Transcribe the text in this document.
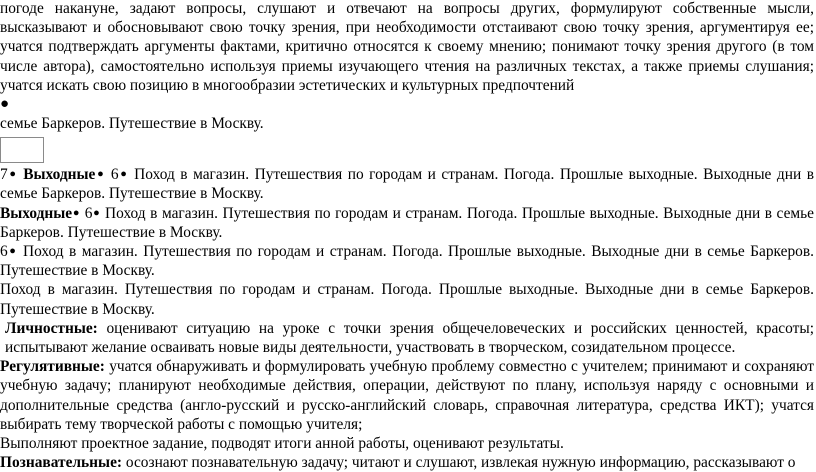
погоде накануне, задают вопросы, слушают и отвечают на вопросы других, формулируют собственные мысли, высказывают и обосновывают свою точку зрения, при необходимости отстаивают свою точку зрения, аргументируя ее; учатся подтверждать аргументы фактами, критично относятся к своему мнению; понимают точку зрения другого (в том числе автора), самостоятельно используя приемы изучающего чтения на различных текстах, а также приемы слушания; учатся искать свою позицию в многообразии эстетических и культурных предпочтений

●

семье Баркеров. Путешествие в Москву.

7● Выходные● 6● Поход в магазин. Путешествия по городам и странам. Погода. Прошлые выходные. Выходные дни в семье Баркеров. Путешествие в Москву.

Выходные● 6● Поход в магазин. Путешествия по городам и странам. Погода. Прошлые выходные. Выходные дни в семье Баркеров. Путешествие в Москву.

6● Поход в магазин. Путешествия по городам и странам. Погода. Прошлые выходные. Выходные дни в семье Баркеров. Путешествие в Москву.

Поход в магазин. Путешествия по городам и странам. Погода. Прошлые выходные. Выходные дни в семье Баркеров. Путешествие в Москву.

Личностные: оценивают ситуацию на уроке с точки зрения общечеловеческих и российских ценностей, красоты; испытывают желание осваивать новые виды деятельности, участвовать в творческом, созидательном процессе.

Регулятивные: учатся обнаруживать и формулировать учебную проблему совместно с учителем; принимают и сохраняют учебную задачу; планируют необходимые действия, операции, действуют по плану, используя наряду с основными и дополнительные средства (англо-русский и русско-английский словарь, справочная литература, средства ИКТ); учатся выбирать тему творческой работы с помощью учителя;

Выполняют проектное задание, подводят итоги анной работы, оценивают результаты.

Познавательные: осознают познавательную задачу; читают и слушают, извлекая нужную информацию, рассказывают о
